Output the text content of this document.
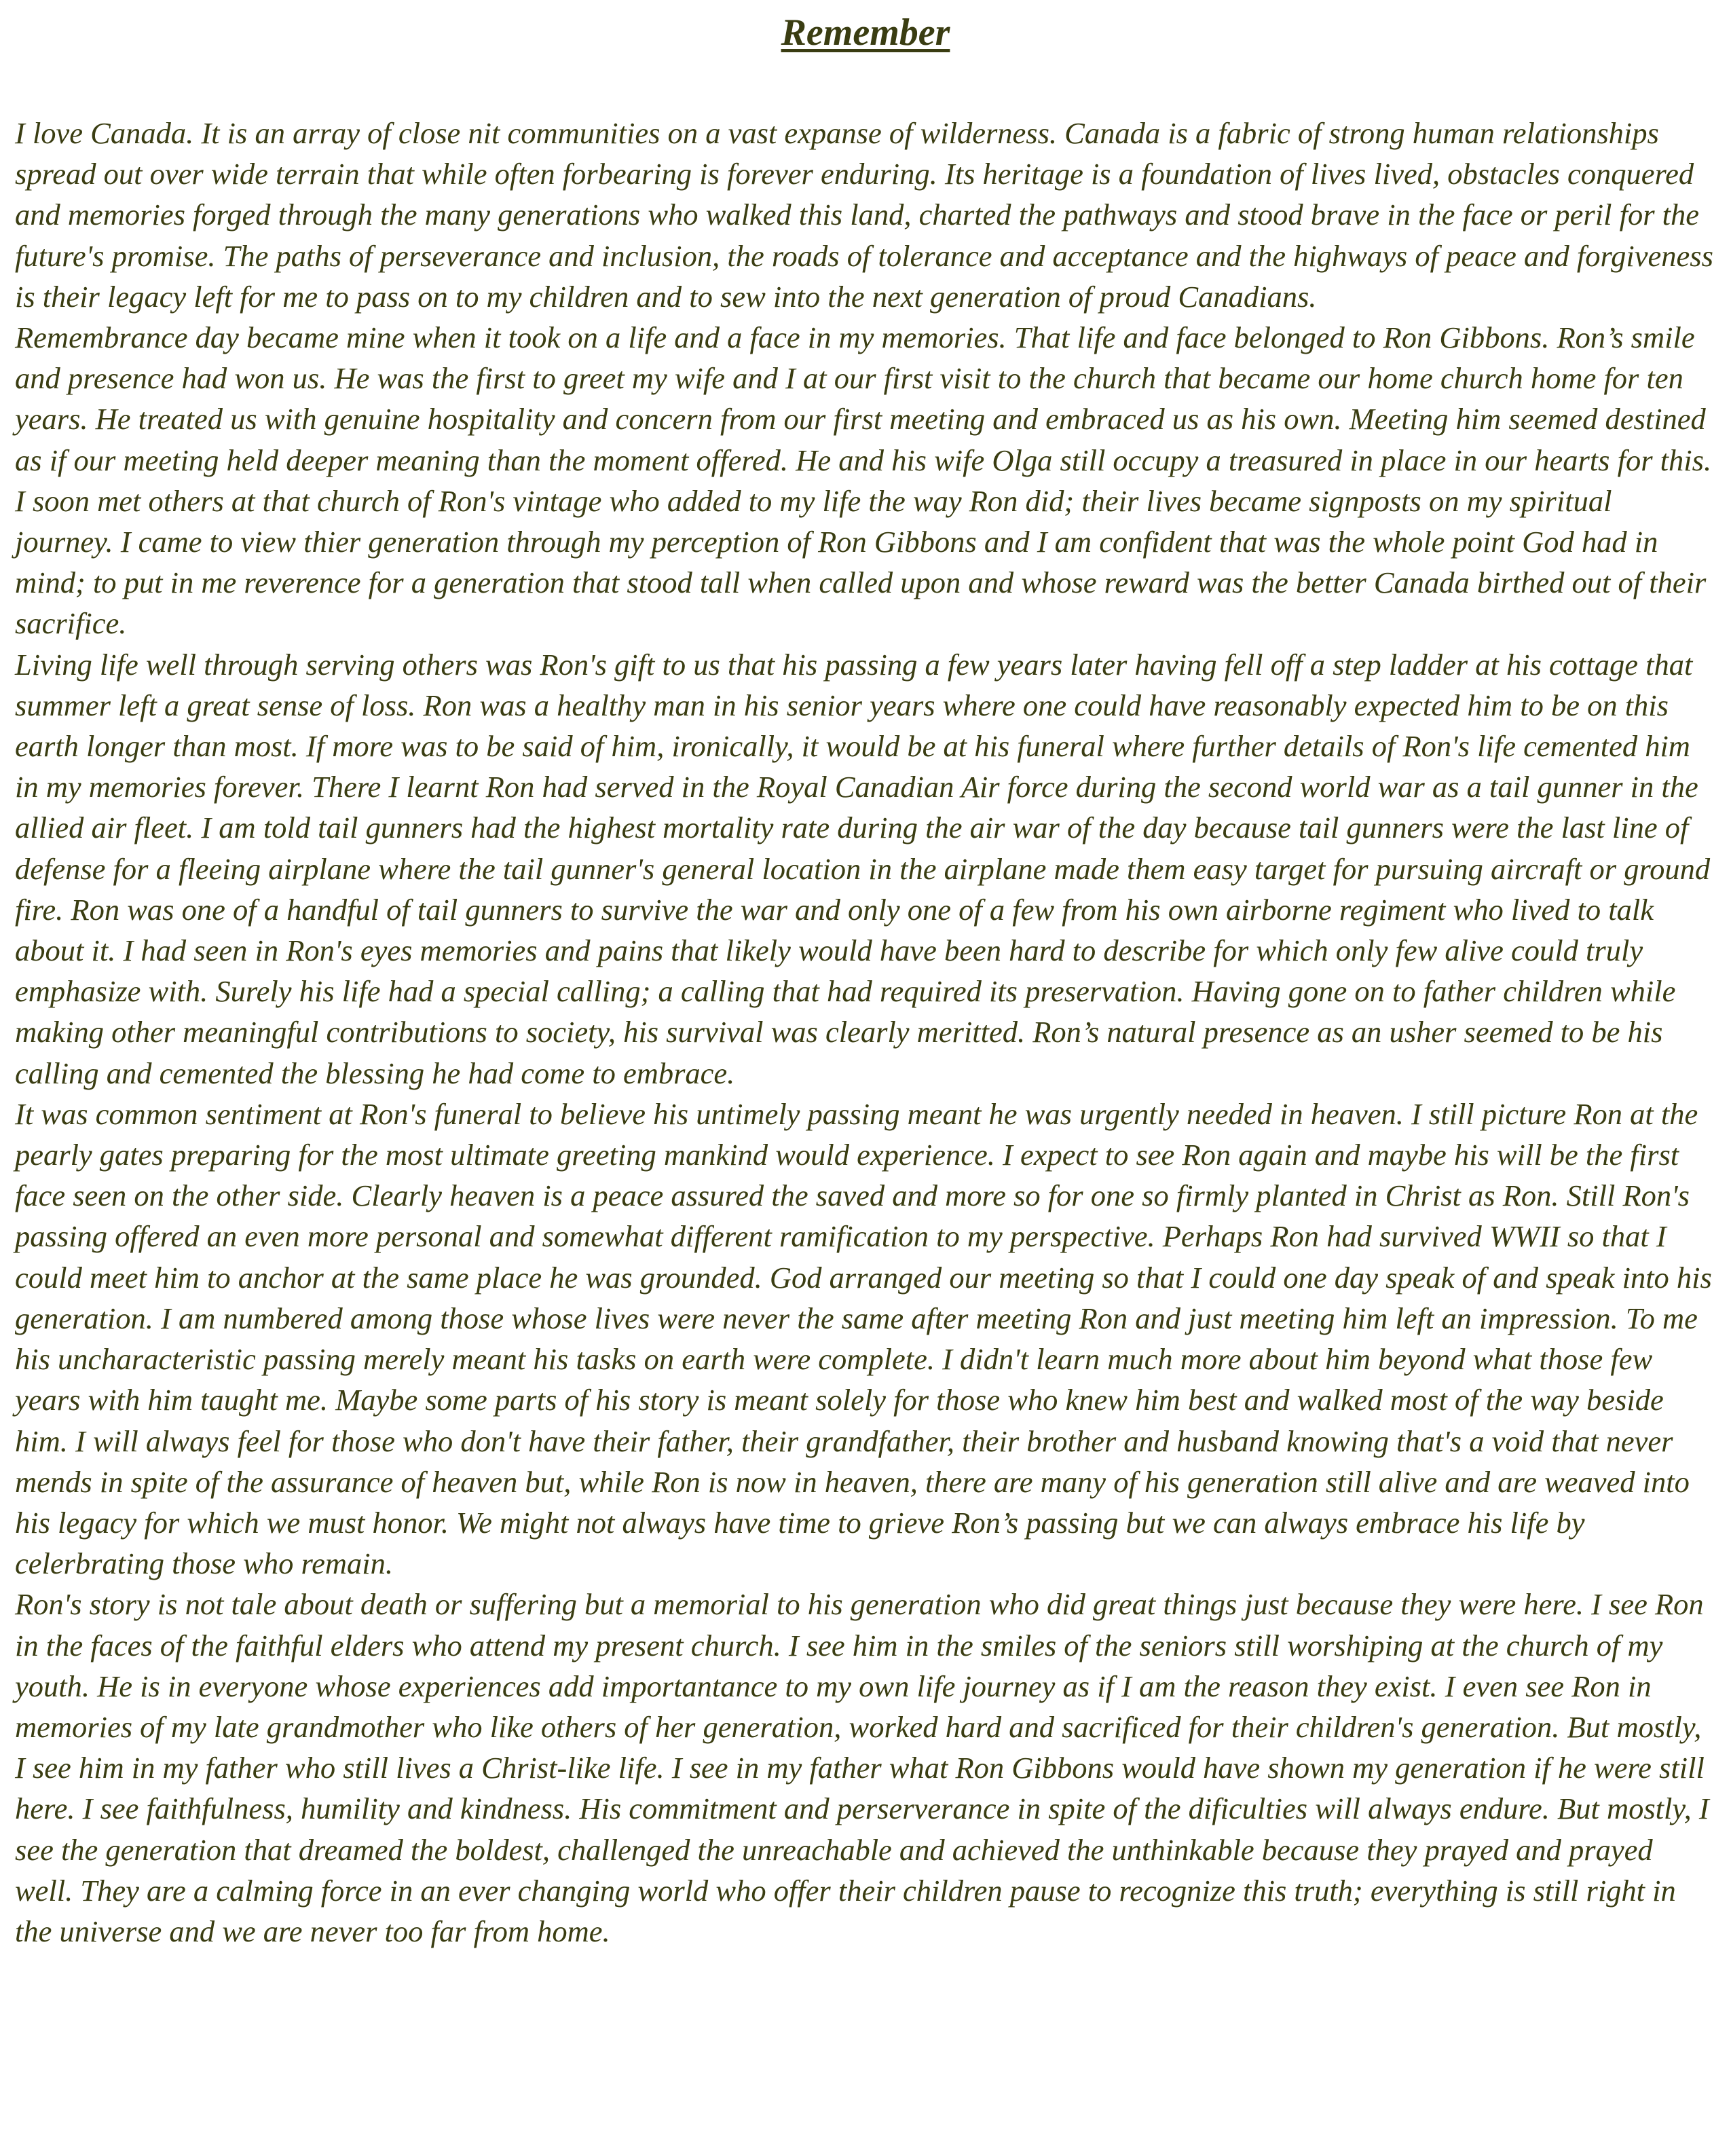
Remember

I love Canada. It is an array of close nit communities on a vast expanse of wilderness. Canada is a fabric of strong human relationships spread out over wide terrain that while often forbearing is forever enduring. Its heritage is a foundation of lives lived, obstacles conquered and memories forged through the many generations who walked this land, charted the pathways and stood brave in the face or peril for the future's promise. The paths of perseverance and inclusion, the roads of tolerance and acceptance and the highways of peace and forgiveness is their legacy left for me to pass on to my children and to sew into the next generation of proud Canadians.

Remembrance day became mine when it took on a life and a face in my memories. That life and face belonged to Ron Gibbons. Ron’s smile and presence had won us. He was the first to greet my wife and I at our first visit to the church that became our home church home for ten years. He treated us with genuine hospitality and concern from our first meeting and embraced us as his own. Meeting him seemed destined as if our meeting held deeper meaning than the moment offered. He and his wife Olga still occupy a treasured in place in our hearts for this.

I soon met others at that church of Ron's vintage who added to my life the way Ron did; their lives became signposts on my spiritual journey. I came to view thier generation through my perception of Ron Gibbons and I am confident that was the whole point God had in mind; to put in me reverence for a generation that stood tall when called upon and whose reward was the better Canada birthed out of their sacrifice.

Living life well through serving others was Ron's gift to us that his passing a few years later having fell off a step ladder at his cottage that summer left a great sense of loss. Ron was a healthy man in his senior years where one could have reasonably expected him to be on this earth longer than most. If more was to be said of him, ironically, it would be at his funeral where further details of Ron's life cemented him in my memories forever. There I learnt Ron had served in the Royal Canadian Air force during the second world war as a tail gunner in the allied air fleet. I am told tail gunners had the highest mortality rate during the air war of the day because tail gunners were the last line of defense for a fleeing airplane where the tail gunner's general location in the airplane made them easy target for pursuing aircraft or ground fire. Ron was one of a handful of tail gunners to survive the war and only one of a few from his own airborne regiment who lived to talk about it. I had seen in Ron's eyes memories and pains that likely would have been hard to describe for which only few alive could truly emphasize with. Surely his life had a special calling; a calling that had required its preservation. Having gone on to father children while making other meaningful contributions to society, his survival was clearly meritted. Ron’s natural presence as an usher seemed to be his calling and cemented the blessing he had come to embrace.

It was common sentiment at Ron's funeral to believe his untimely passing meant he was urgently needed in heaven. I still picture Ron at the pearly gates preparing for the most ultimate greeting mankind would experience. I expect to see Ron again and maybe his will be the first face seen on the other side. Clearly heaven is a peace assured the saved and more so for one so firmly planted in Christ as Ron. Still Ron's passing offered an even more personal and somewhat different ramification to my perspective. Perhaps Ron had survived WWII so that I could meet him to anchor at the same place he was grounded. God arranged our meeting so that I could one day speak of and speak into his generation. I am numbered among those whose lives were never the same after meeting Ron and just meeting him left an impression. To me his uncharacteristic passing merely meant his tasks on earth were complete. I didn't learn much more about him beyond what those few years with him taught me. Maybe some parts of his story is meant solely for those who knew him best and walked most of the way beside him. I will always feel for those who don't have their father, their grandfather, their brother and husband knowing that's a void that never mends in spite of the assurance of heaven but, while Ron is now in heaven, there are many of his generation still alive and are weaved into his legacy for which we must honor. We might not always have time to grieve Ron’s passing but we can always embrace his life by celerbrating those who remain.

Ron's story is not tale about death or suffering but a memorial to his generation who did great things just because they were here. I see Ron in the faces of the faithful elders who attend my present church. I see him in the smiles of the seniors still worshiping at the church of my youth. He is in everyone whose experiences add importantance to my own life journey as if I am the reason they exist. I even see Ron in memories of my late grandmother who like others of her generation, worked hard and sacrificed for their children's generation. But mostly, I see him in my father who still lives a Christ-like life. I see in my father what Ron Gibbons would have shown my generation if he were still here. I see faithfulness, humility and kindness. His commitment and perserverance in spite of the dificulties will always endure. But mostly, I see the generation that dreamed the boldest, challenged the unreachable and achieved the unthinkable because they prayed and prayed well. They are a calming force in an ever changing world who offer their children pause to recognize this truth; everything is still right in the universe and we are never too far from home.
